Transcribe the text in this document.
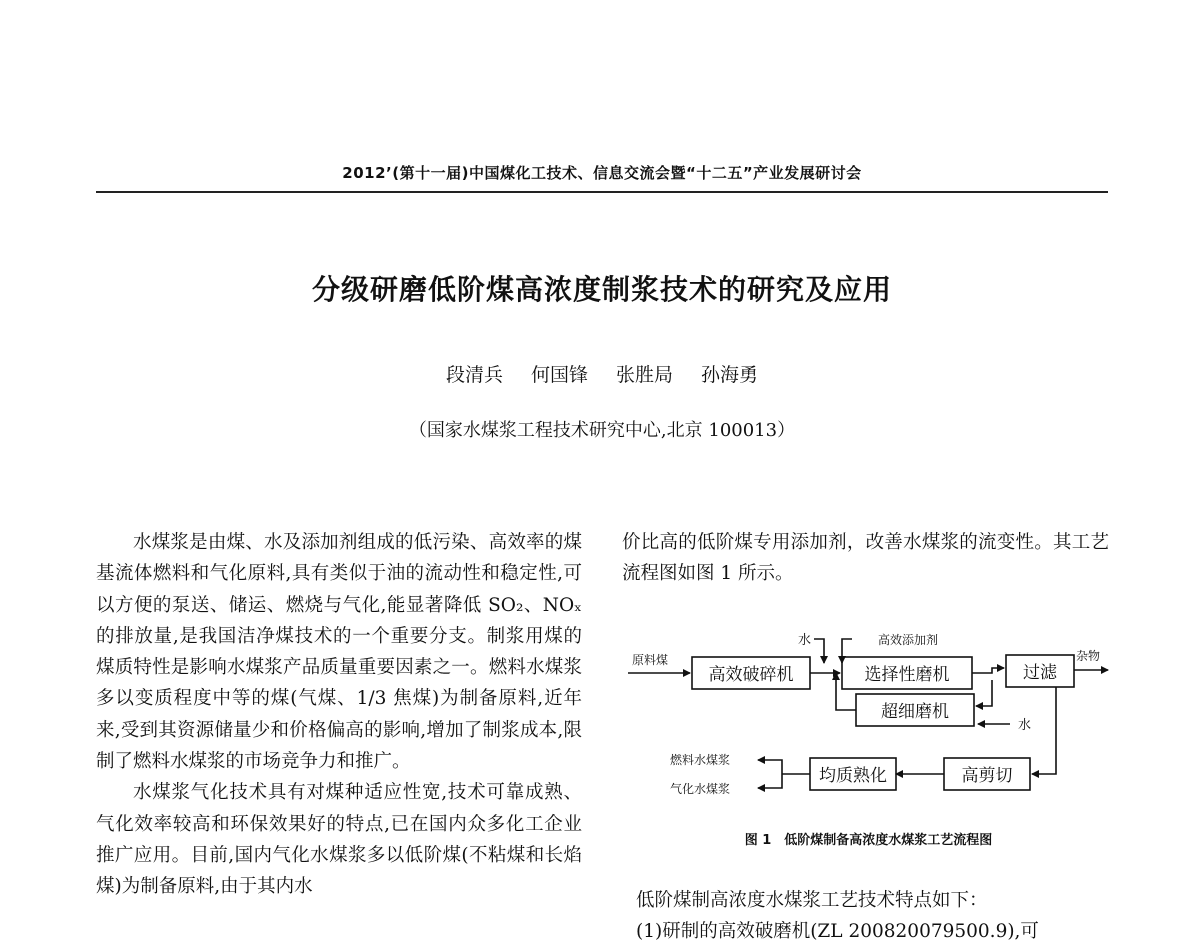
2012’(第十一届)中国煤化工技术、信息交流会暨“十二五”产业发展研讨会
分级研磨低阶煤高浓度制浆技术的研究及应用
段清兵 何国锋 张胜局 孙海勇
（国家水煤浆工程技术研究中心,北京 100013）

水煤浆是由煤、水及添加剂组成的低污染、高效率的煤基流体燃料和气化原料,具有类似于油的流动性和稳定性,可以方便的泵送、储运、燃烧与气化,能显著降低 SO₂、NOₓ 的排放量,是我国洁净煤技术的一个重要分支。制浆用煤的煤质特性是影响水煤浆产品质量重要因素之一。燃料水煤浆多以变质程度中等的煤(气煤、1/3 焦煤)为制备原料,近年来,受到其资源储量少和价格偏高的影响,增加了制浆成本,限制了燃料水煤浆的市场竞争力和推广。

水煤浆气化技术具有对煤种适应性宽,技术可靠成熟、气化效率较高和环保效果好的特点,已在国内众多化工企业推广应用。目前,国内气化水煤浆多以低阶煤(不粘煤和长焰煤)为制备原料,由于其内水

价比高的低阶煤专用添加剂，改善水煤浆的流变性。其工艺流程图如图 1 所示。

原料煤
高效破碎机
水	高效添加剂
选择性磨机	过滤
杂物
超细磨机
水
高剪切
均质熟化
燃料水煤浆
气化水煤浆
图 1　低阶煤制备高浓度水煤浆工艺流程图

低阶煤制高浓度水煤浆工艺技术特点如下：

(1)研制的高效破磨机(ZL 200820079500.9),可
